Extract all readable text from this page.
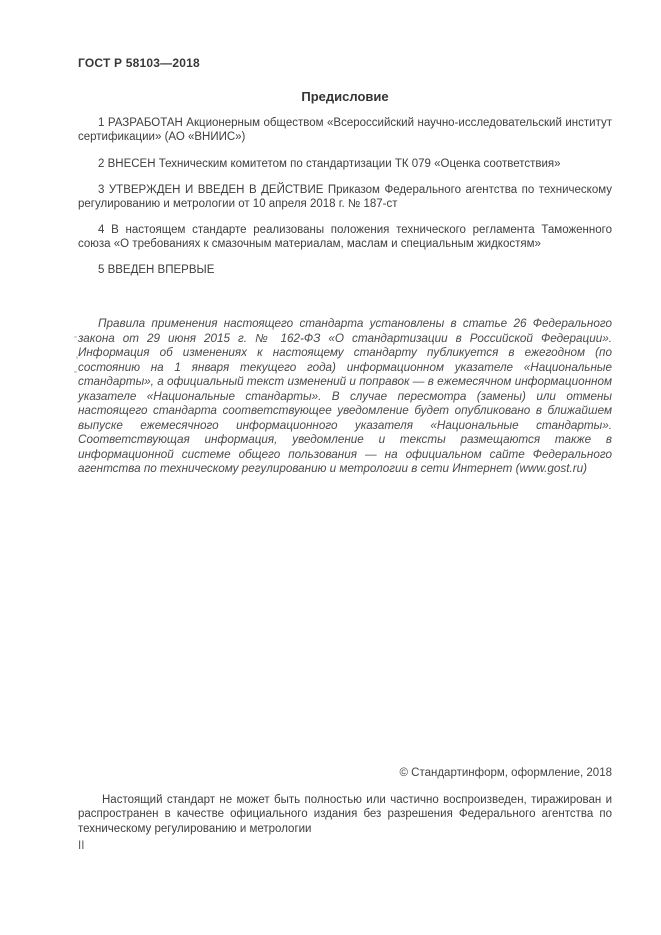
ГОСТ Р 58103—2018
Предисловие

1 РАЗРАБОТАН Акционерным обществом «Всероссийский научно-исследовательский институт сертификации» (АО «ВНИИС»)

2 ВНЕСЕН Техническим комитетом по стандартизации ТК 079 «Оценка соответствия»

3 УТВЕРЖДЕН И ВВЕДЕН В ДЕЙСТВИЕ Приказом Федерального агентства по техническому регулированию и метрологии от 10 апреля 2018 г. № 187-ст

4 В настоящем стандарте реализованы положения технического регламента Таможенного союза «О требованиях к смазочным материалам, маслам и специальным жидкостям»

5 ВВЕДЕН ВПЕРВЫЕ

Правила применения настоящего стандарта установлены в статье 26 Федерального закона от 29 июня 2015 г. № 162-ФЗ «О стандартизации в Российской Федерации». Информация об изменениях к настоящему стандарту публикуется в ежегодном (по состоянию на 1 января текущего года) информационном указателе «Национальные стандарты», а официальный текст изменений и поправок — в ежемесячном информационном указателе «Национальные стандарты». В случае пересмотра (замены) или отмены настоящего стандарта соответствующее уведомление будет опубликовано в ближайшем выпуске ежемесячного информационного указателя «Национальные стандарты». Соответствующая информация, уведомление и тексты размещаются также в информационной системе общего пользования — на официальном сайте Федерального агентства по техническому регулированию и метрологии в сети Интернет (www.gost.ru)

© Стандартинформ, оформление, 2018

Настоящий стандарт не может быть полностью или частично воспроизведен, тиражирован и распространен в качестве официального издания без разрешения Федерального агентства по техническому регулированию и метрологии

II
